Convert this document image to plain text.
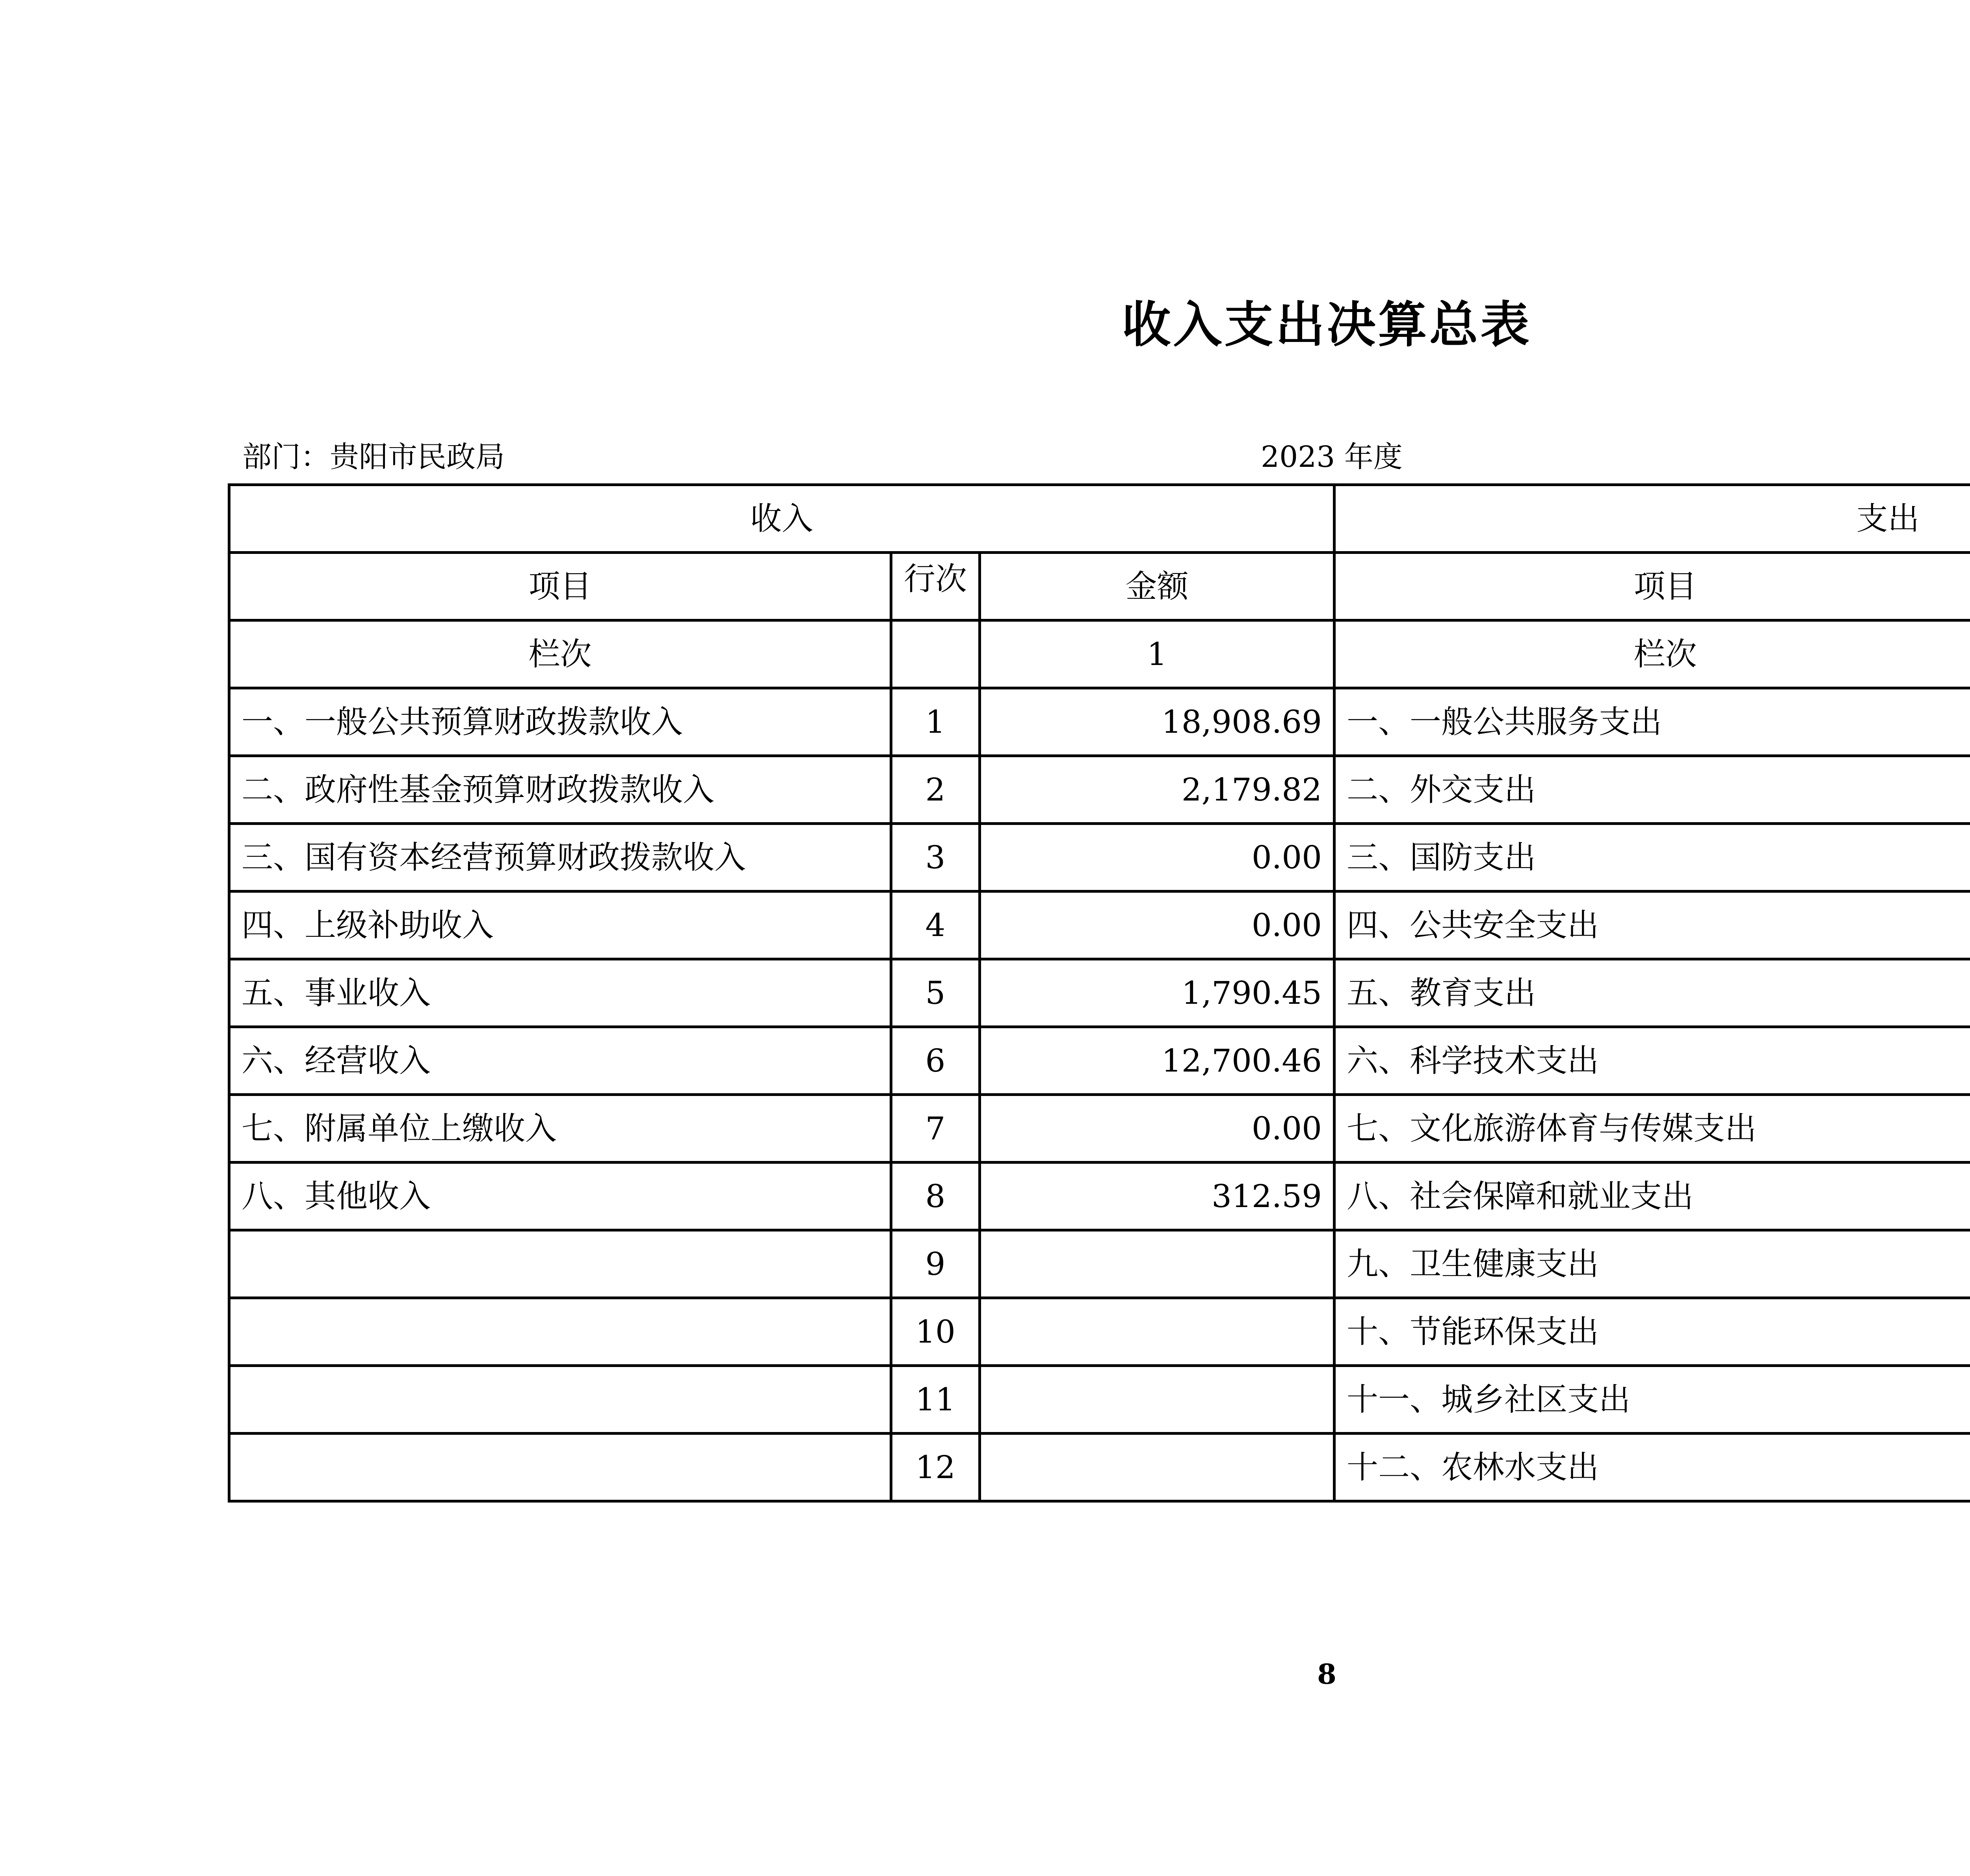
收入支出决算总表
部门：贵阳市民政局	2023 年度
收入			支出		
项目	行次	金额	项目	

栏次		1	栏次		
一、一般公共预算财政拨款收入	1	18,908.69	一、一般公共服务支出		
二、政府性基金预算财政拨款收入	2	2,179.82	二、外交支出		
三、国有资本经营预算财政拨款收入	3	0.00	三、国防支出		
四、上级补助收入	4	0.00	四、公共安全支出		
五、事业收入	5	1,790.45	五、教育支出		
六、经营收入	6	12,700.46	六、科学技术支出		
七、附属单位上缴收入	7	0.00	七、文化旅游体育与传媒支出		
八、其他收入	8	312.59	八、社会保障和就业支出		
	9		九、卫生健康支出		
	10		十、节能环保支出		
	11		十一、城乡社区支出		
	12		十二、农林水支出		
8
